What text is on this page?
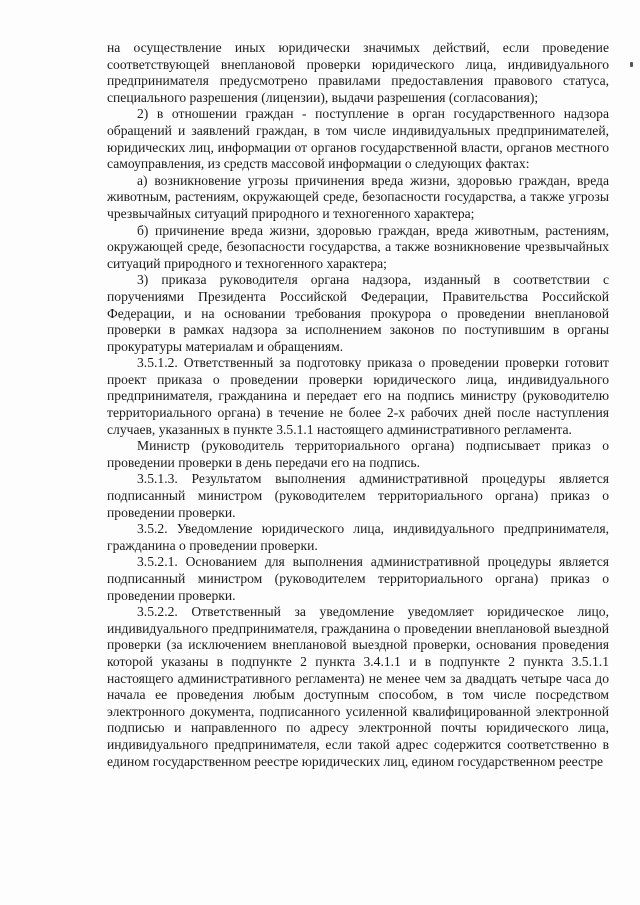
на осуществление иных юридически значимых действий, если проведение соответствующей внеплановой проверки юридического лица, индивидуального предпринимателя предусмотрено правилами предоставления правового статуса, специального разрешения (лицензии), выдачи разрешения (согласования);

2) в отношении граждан - поступление в орган государственного надзора обращений и заявлений граждан, в том числе индивидуальных предпринимателей, юридических лиц, информации от органов государственной власти, органов местного самоуправления, из средств массовой информации о следующих фактах:

а) возникновение угрозы причинения вреда жизни, здоровью граждан, вреда животным, растениям, окружающей среде, безопасности государства, а также угрозы чрезвычайных ситуаций природного и техногенного характера;

б) причинение вреда жизни, здоровью граждан, вреда животным, растениям, окружающей среде, безопасности государства, а также возникновение чрезвычайных ситуаций природного и техногенного характера;

3) приказа руководителя органа надзора, изданный в соответствии с поручениями Президента Российской Федерации, Правительства Российской Федерации, и на основании требования прокурора о проведении внеплановой проверки в рамках надзора за исполнением законов по поступившим в органы прокуратуры материалам и обращениям.

3.5.1.2. Ответственный за подготовку приказа о проведении проверки готовит проект приказа о проведении проверки юридического лица, индивидуального предпринимателя, гражданина и передает его на подпись министру (руководителю территориального органа) в течение не более 2-х рабочих дней после наступления случаев, указанных в пункте 3.5.1.1 настоящего административного регламента.

Министр (руководитель территориального органа) подписывает приказ о проведении проверки в день передачи его на подпись.

3.5.1.3. Результатом выполнения административной процедуры является подписанный министром (руководителем территориального органа) приказ о проведении проверки.

3.5.2. Уведомление юридического лица, индивидуального предпринимателя, гражданина о проведении проверки.

3.5.2.1. Основанием для выполнения административной процедуры является подписанный министром (руководителем территориального органа) приказ о проведении проверки.

3.5.2.2. Ответственный за уведомление уведомляет юридическое лицо, индивидуального предпринимателя, гражданина о проведении внеплановой выездной проверки (за исключением внеплановой выездной проверки, основания проведения которой указаны в подпункте 2 пункта 3.4.1.1 и в подпункте 2 пункта 3.5.1.1 настоящего административного регламента) не менее чем за двадцать четыре часа до начала ее проведения любым доступным способом, в том числе посредством электронного документа, подписанного усиленной квалифицированной электронной подписью и направленного по адресу электронной почты юридического лица, индивидуального предпринимателя, если такой адрес содержится соответственно в едином государственном реестре юридических лиц, едином государственном реестре
